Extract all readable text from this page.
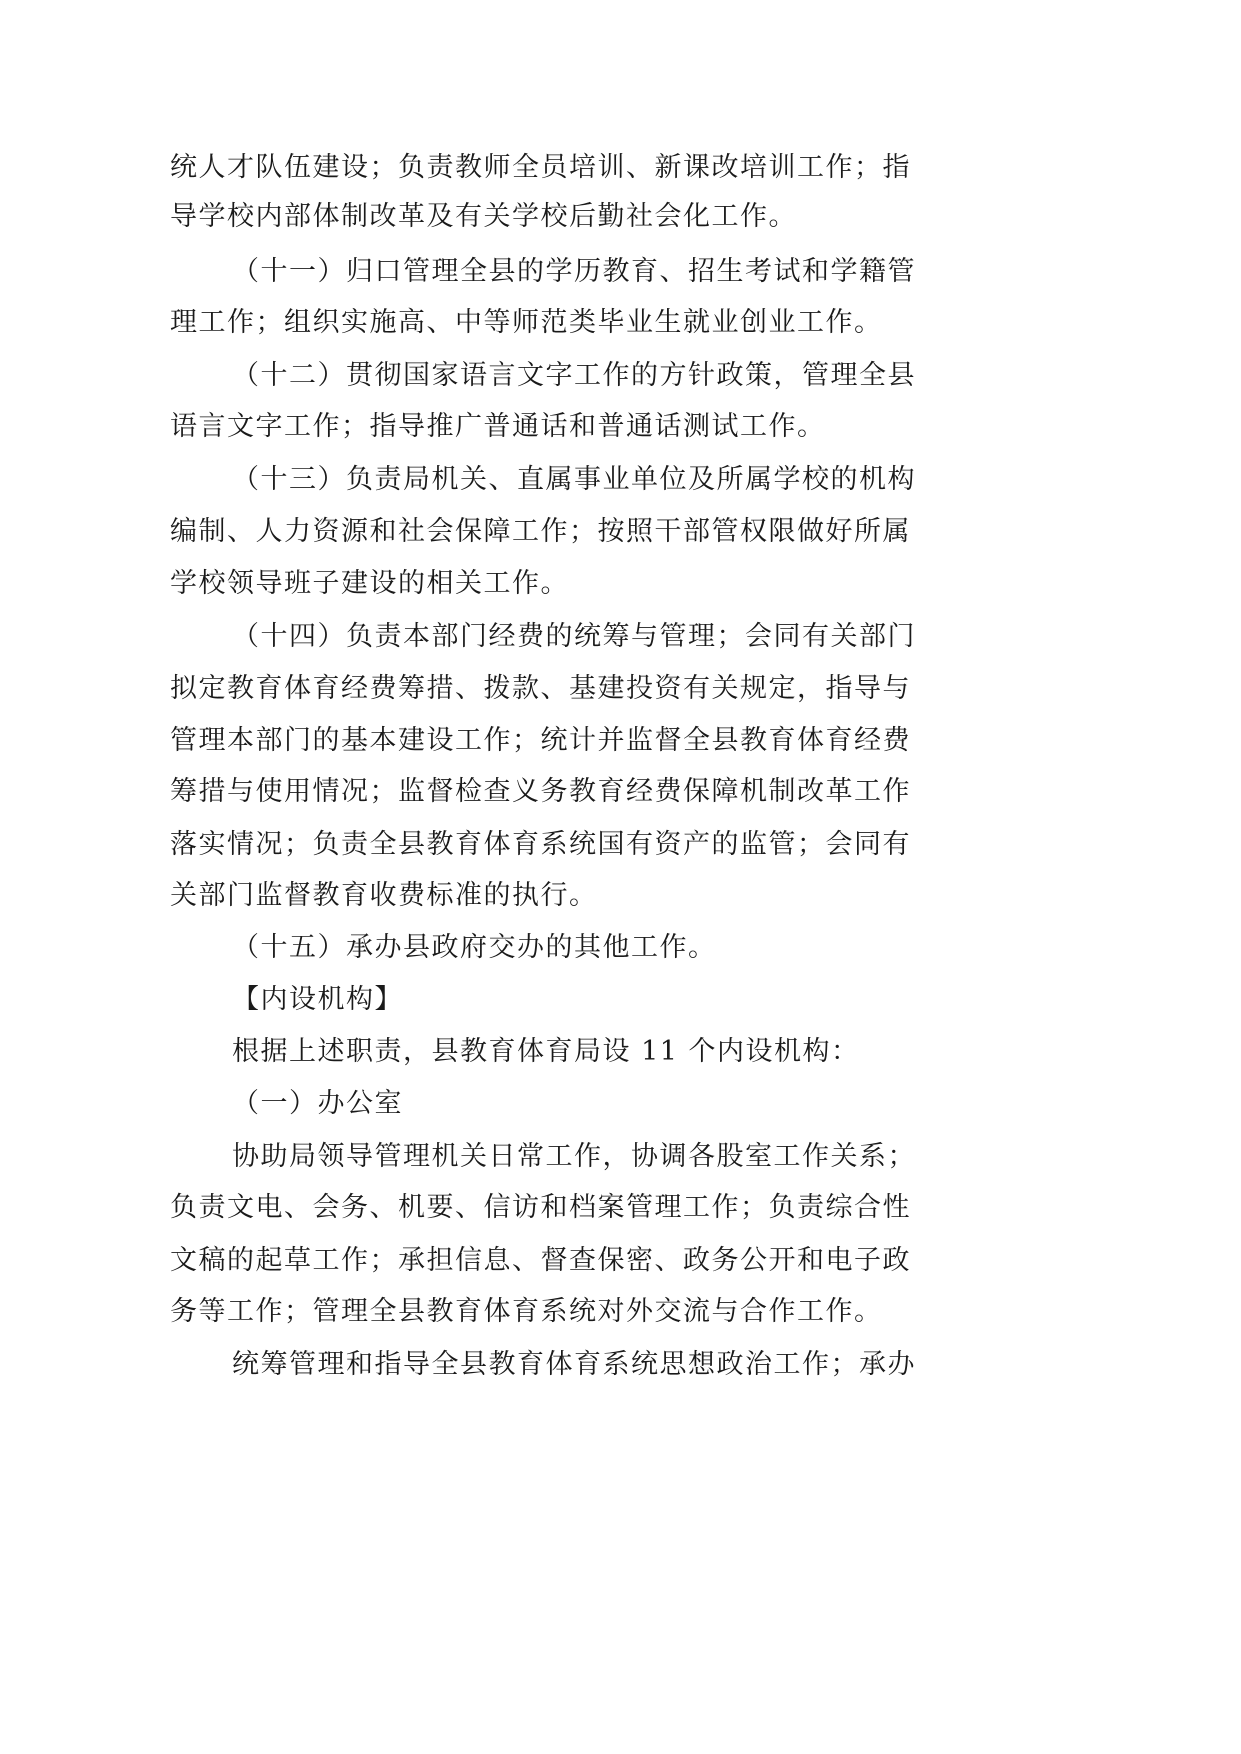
统人才队伍建设；负责教师全员培训、新课改培训工作；指
导学校内部体制改革及有关学校后勤社会化工作。
（十一）归口管理全县的学历教育、招生考试和学籍管
理工作；组织实施高、中等师范类毕业生就业创业工作。
（十二）贯彻国家语言文字工作的方针政策，管理全县
语言文字工作；指导推广普通话和普通话测试工作。
（十三）负责局机关、直属事业单位及所属学校的机构
编制、人力资源和社会保障工作；按照干部管权限做好所属
学校领导班子建设的相关工作。
（十四）负责本部门经费的统筹与管理；会同有关部门
拟定教育体育经费筹措、拨款、基建投资有关规定，指导与
管理本部门的基本建设工作；统计并监督全县教育体育经费
筹措与使用情况；监督检查义务教育经费保障机制改革工作
落实情况；负责全县教育体育系统国有资产的监管；会同有
关部门监督教育收费标准的执行。
（十五）承办县政府交办的其他工作。
【内设机构】
根据上述职责，县教育体育局设 11 个内设机构：
（一）办公室
协助局领导管理机关日常工作，协调各股室工作关系；
负责文电、会务、机要、信访和档案管理工作；负责综合性
文稿的起草工作；承担信息、督查保密、政务公开和电子政
务等工作；管理全县教育体育系统对外交流与合作工作。
统筹管理和指导全县教育体育系统思想政治工作；承办
